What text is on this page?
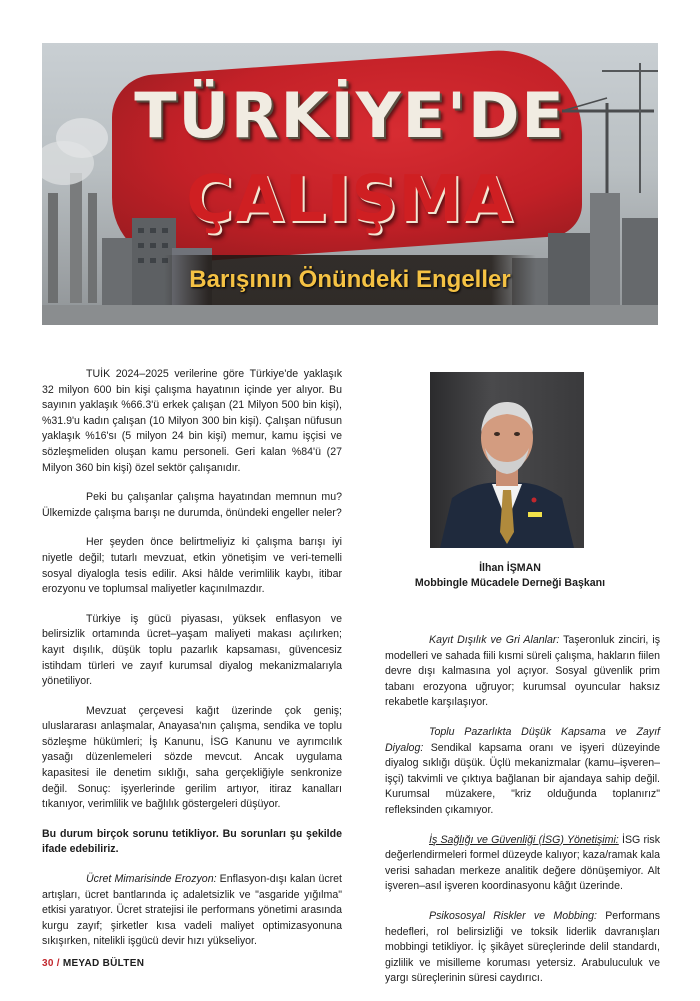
TÜRKİYE'DE
ÇALIŞMA
Barışının Önündeki Engeller

TUİK 2024–2025 verilerine göre Türkiye'de yaklaşık 32 milyon 600 bin kişi çalışma hayatının içinde yer alıyor. Bu sayının yaklaşık %66.3'ü erkek çalışan (21 Milyon 500 bin kişi), %31.9'u kadın çalışan (10 Milyon 300 bin kişi). Çalışan nüfusun yaklaşık %16'sı (5 milyon 24 bin kişi) memur, kamu işçisi ve sözleşmeliden oluşan kamu personeli. Geri kalan %84'ü (27 Milyon 360 bin kişi) özel sektör çalışanıdır.

Peki bu çalışanlar çalışma hayatından memnun mu? Ülkemizde çalışma barışı ne durumda, önündeki engeller neler?

Her şeyden önce belirtmeliyiz ki çalışma barışı iyi niyetle değil; tutarlı mevzuat, etkin yönetişim ve veri-temelli sosyal diyalogla tesis edilir. Aksi hâlde verimlilik kaybı, itibar erozyonu ve toplumsal maliyetler kaçınılmazdır.

Türkiye iş gücü piyasası, yüksek enflasyon ve belirsizlik ortamında ücret–yaşam maliyeti makası açılırken; kayıt dışılık, düşük toplu pazarlık kapsaması, güvencesiz istihdam türleri ve zayıf kurumsal diyalog mekanizmalarıyla yönetiliyor.

Mevzuat çerçevesi kağıt üzerinde çok geniş; uluslararası anlaşmalar, Anayasa'nın çalışma, sendika ve toplu sözleşme hükümleri; İş Kanunu, İSG Kanunu ve ayrımcılık yasağı düzenlemeleri sözde mevcut. Ancak uygulama kapasitesi ile denetim sıklığı, saha gerçekliğiyle senkronize değil. Sonuç: işyerlerinde gerilim artıyor, itiraz kanalları tıkanıyor, verimlilik ve bağlılık göstergeleri düşüyor.

Bu durum birçok sorunu tetikliyor. Bu sorunları şu şekilde ifade edebiliriz.

Ücret Mimarisinde Erozyon: Enflasyon-dışı kalan ücret artışları, ücret bantlarında iç adaletsizlik ve "asgaride yığılma" etkisi yaratıyor. Ücret stratejisi ile performans yönetimi arasında kurgu zayıf; şirketler kısa vadeli maliyet optimizasyonuna sıkışırken, nitelikli işgücü devir hızı yükseliyor.

İlhan İŞMAN
Mobbingle Mücadele Derneği Başkanı

Kayıt Dışılık ve Gri Alanlar: Taşeronluk zinciri, iş modelleri ve sahada fiili kısmi süreli çalışma, hakların fiilen devre dışı kalmasına yol açıyor. Sosyal güvenlik prim tabanı erozyona uğruyor; kurumsal oyuncular haksız rekabetle karşılaşıyor.

Toplu Pazarlıkta Düşük Kapsama ve Zayıf Diyalog: Sendikal kapsama oranı ve işyeri düzeyinde diyalog sıklığı düşük. Üçlü mekanizmalar (kamu–işveren–işçi) takvimli ve çıktıya bağlanan bir ajandaya sahip değil. Kurumsal müzakere, "kriz olduğunda toplanırız" refleksinden çıkamıyor.

İş Sağlığı ve Güvenliği (İSG) Yönetişimi: İSG risk değerlendirmeleri formel düzeyde kalıyor; kaza/ramak kala verisi sahadan merkeze analitik değere dönüşemiyor. Alt işveren–asıl işveren koordinasyonu kâğıt üzerinde.

Psikososyal Riskler ve Mobbing: Performans hedefleri, rol belirsizliği ve toksik liderlik davranışları mobbingi tetikliyor. İç şikâyet süreçlerinde delil standardı, gizlilik ve misilleme koruması yetersiz. Arabuluculuk ve yargı süreçlerinin süresi caydırıcı.

30 / MEYAD BÜLTEN
